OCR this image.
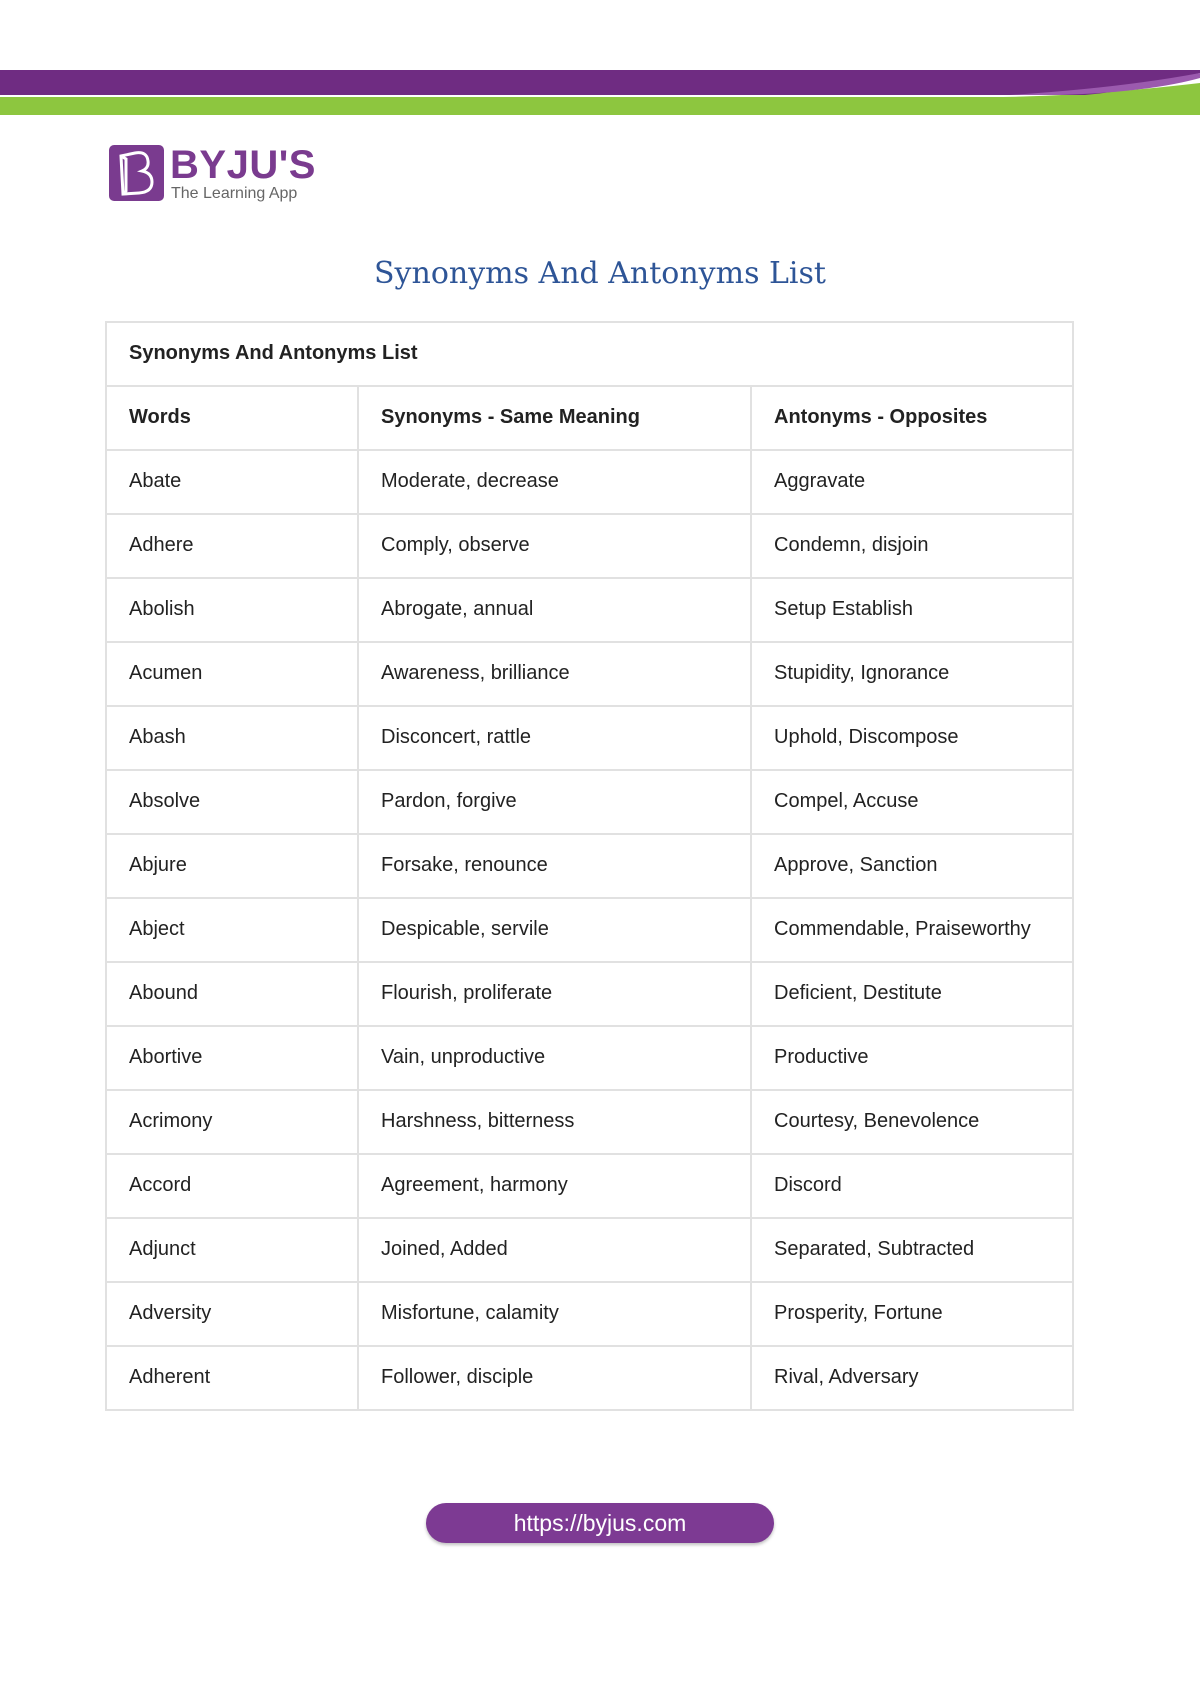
BYJU'S
The Learning App
Synonyms And Antonyms List
Synonyms And Antonyms List		
Words	Synonyms - Same Meaning	Antonyms - Opposites
Abate	Moderate, decrease	Aggravate
Adhere	Comply, observe	Condemn, disjoin
Abolish	Abrogate, annual	Setup Establish
Acumen	Awareness, brilliance	Stupidity, Ignorance
Abash	Disconcert, rattle	Uphold, Discompose
Absolve	Pardon, forgive	Compel, Accuse
Abjure	Forsake, renounce	Approve, Sanction
Abject	Despicable, servile	Commendable, Praiseworthy
Abound	Flourish, proliferate	Deficient, Destitute
Abortive	Vain, unproductive	Productive
Acrimony	Harshness, bitterness	Courtesy, Benevolence
Accord	Agreement, harmony	Discord
Adjunct	Joined, Added	Separated, Subtracted
Adversity	Misfortune, calamity	Prosperity, Fortune
Adherent	Follower, disciple	Rival, Adversary
https://byjus.com
